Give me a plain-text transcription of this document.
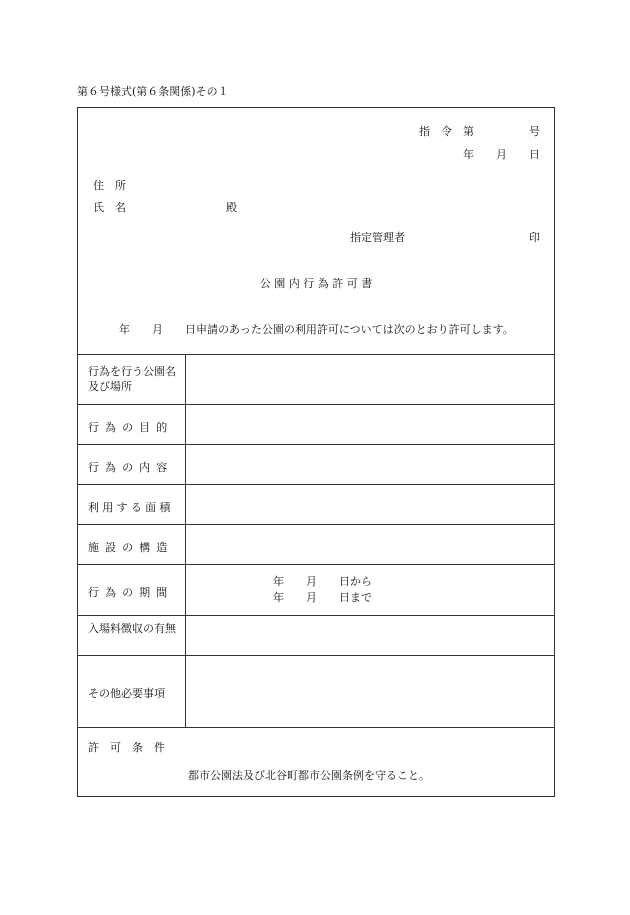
第６号様式(第６条関係)その１
指　令　第　　　　　号
年　　月　　日
住　所
氏　名	殿
指定管理者	印
公 園 内 行 為 許 可 書
年　　月　　日申請のあった公園の利用許可については次のとおり許可します。
行為を行う公園名及び場所
行為の目的
行為の内容
利用する面積
施設の構造
行為の期間
入場料徴収の有無
その他必要事項
年　　月　　日から
年　　月　　日まで
許　可　条　件
都市公園法及び北谷町都市公園条例を守ること。
